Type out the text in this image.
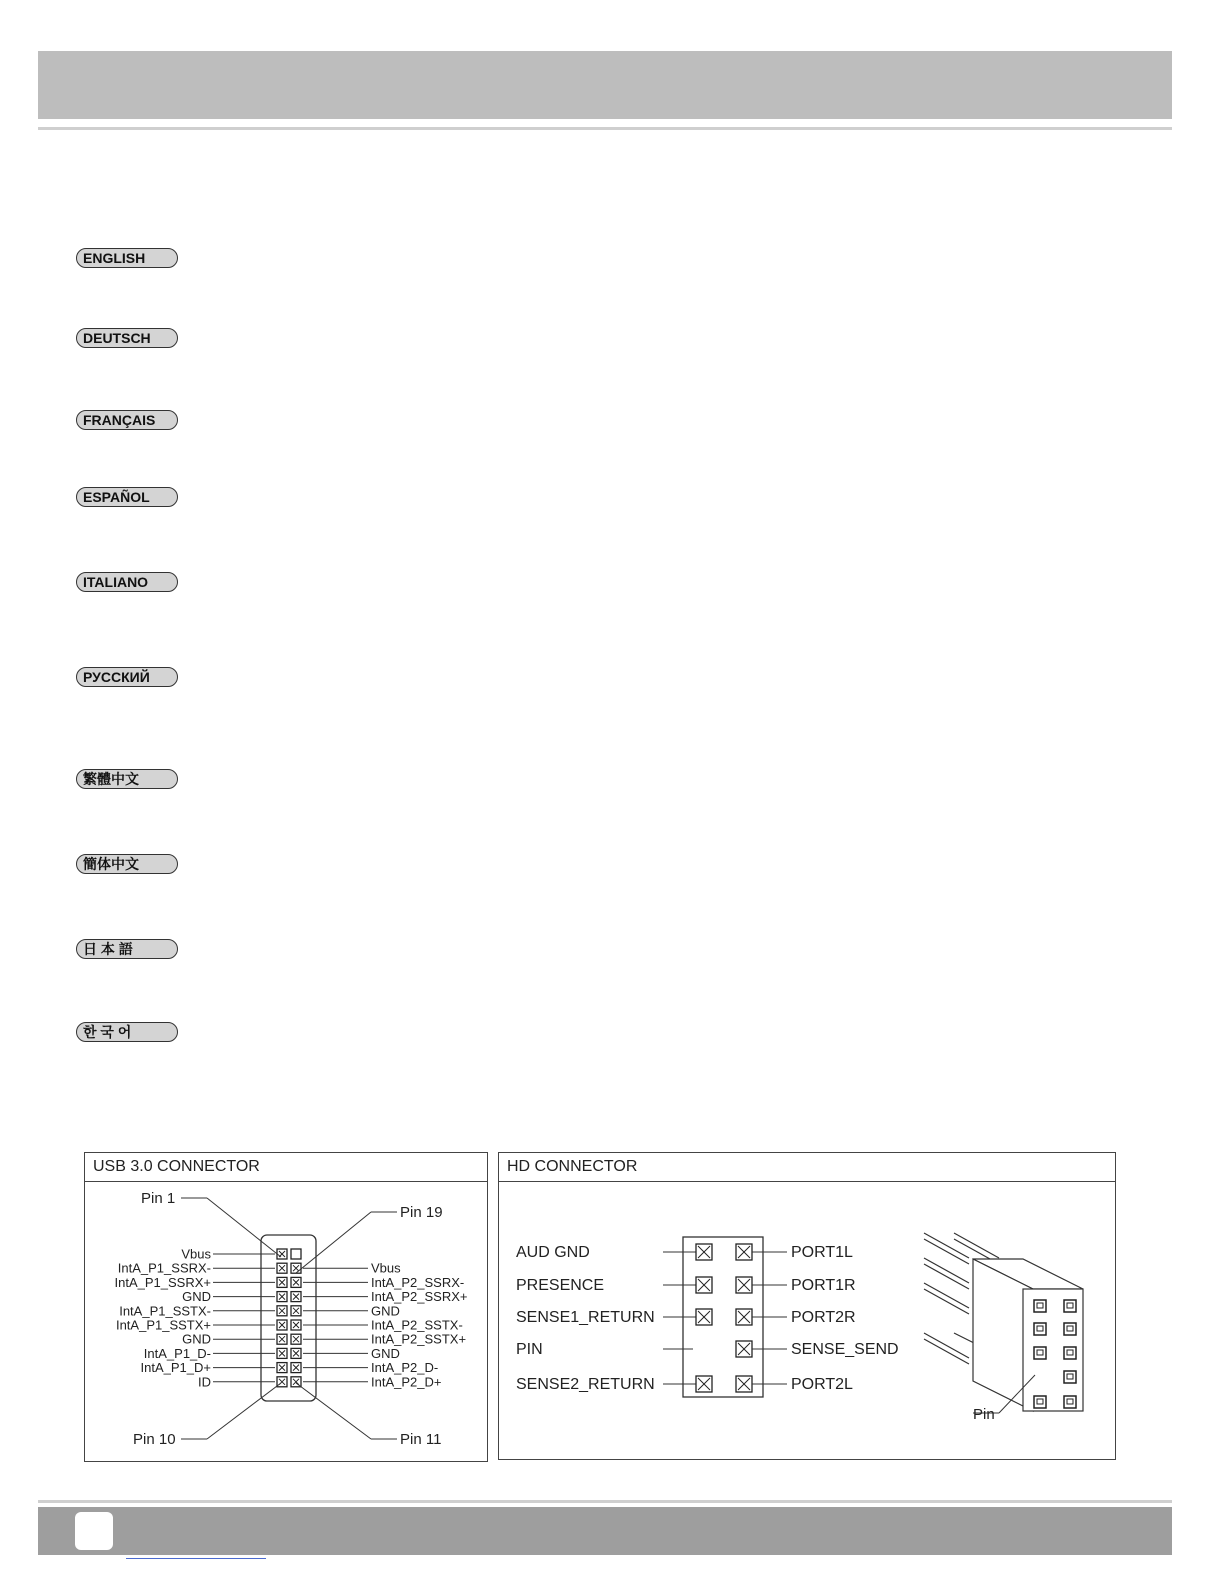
ENGLISH
DEUTSCH
FRANÇAIS
ESPAÑOL
ITALIANO
РУССКИЙ
繁體中文
簡体中文
日 本 語
한 국 어
USB 3.0 CONNECTOR
Pin 1
Pin 19
Pin 10	Pin 11
Vbus
IntA_P1_SSRX-
IntA_P1_SSRX+
GND
IntA_P1_SSTX-
IntA_P1_SSTX+
GND
IntA_P1_D-
IntA_P1_D+
ID
Vbus
IntA_P2_SSRX-
IntA_P2_SSRX+
GND
IntA_P2_SSTX-
IntA_P2_SSTX+
GND
IntA_P2_D-
IntA_P2_D+
HD CONNECTOR
AUD GND
PRESENCE
SENSE1_RETURN
PIN
SENSE2_RETURN
PORT1L
PORT1R
PORT2R
SENSE_SEND
PORT2L
Pin
